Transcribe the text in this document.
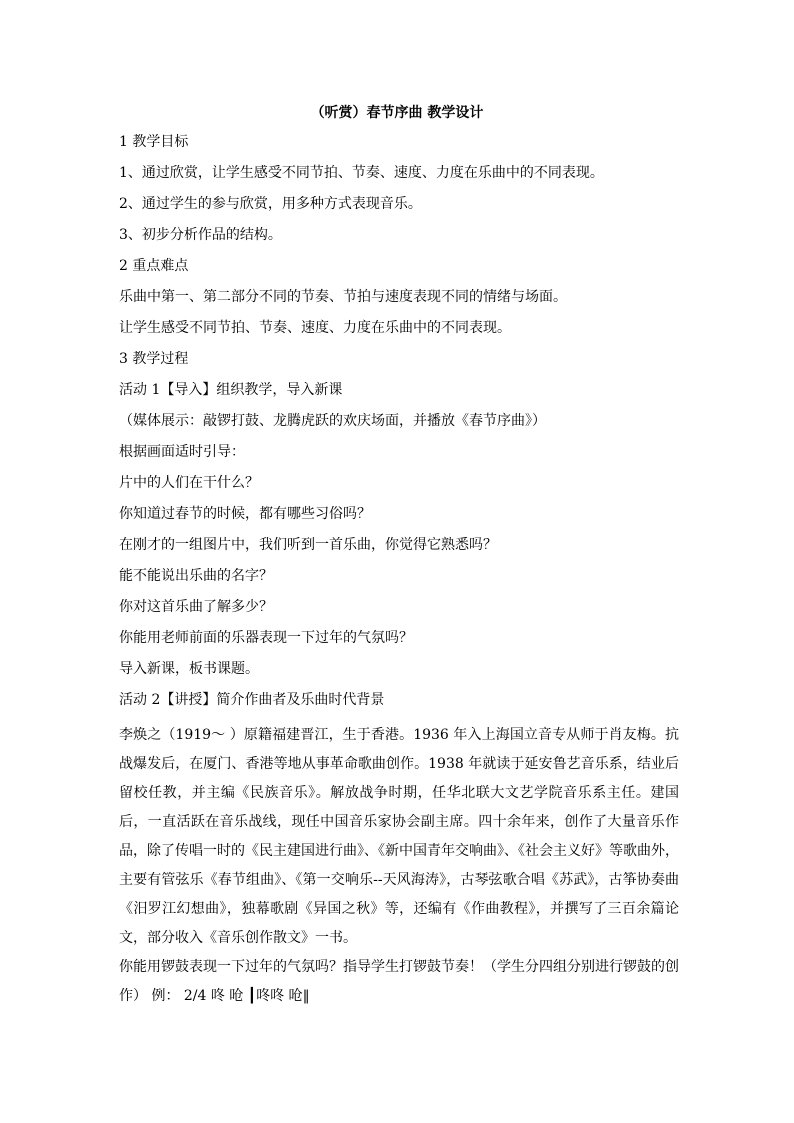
（听赏）春节序曲 教学设计

1 教学目标

1、通过欣赏，让学生感受不同节拍、节奏、速度、力度在乐曲中的不同表现。

2、通过学生的参与欣赏，用多种方式表现音乐。

3、初步分析作品的结构。

2 重点难点

乐曲中第一、第二部分不同的节奏、节拍与速度表现不同的情绪与场面。

让学生感受不同节拍、节奏、速度、力度在乐曲中的不同表现。

3 教学过程

活动 1【导入】组织教学，导入新课

（媒体展示：敲锣打鼓、龙腾虎跃的欢庆场面，并播放《春节序曲》）

根据画面适时引导：

片中的人们在干什么？

你知道过春节的时候，都有哪些习俗吗？

在刚才的一组图片中，我们听到一首乐曲，你觉得它熟悉吗？

能不能说出乐曲的名字？

你对这首乐曲了解多少？

你能用老师前面的乐器表现一下过年的气氛吗？

导入新课，板书课题。

活动 2【讲授】简介作曲者及乐曲时代背景

李焕之（1919～ ）原籍福建晋江，生于香港。1936 年入上海国立音专从师于肖友梅。抗战爆发后，在厦门、香港等地从事革命歌曲创作。1938 年就读于延安鲁艺音乐系，结业后留校任教，并主编《民族音乐》。解放战争时期，任华北联大文艺学院音乐系主任。建国后，一直活跃在音乐战线，现任中国音乐家协会副主席。四十余年来，创作了大量音乐作品，除了传唱一时的《民主建国进行曲》、《新中国青年交响曲》、《社会主义好》等歌曲外，主要有管弦乐《春节组曲》、《第一交响乐--天风海涛》，古琴弦歌合唱《苏武》，古筝协奏曲《汨罗江幻想曲》，独幕歌剧《异国之秋》等，还编有《作曲教程》，并撰写了三百余篇论文，部分收入《音乐创作散文》一书。

你能用锣鼓表现一下过年的气氛吗？指导学生打锣鼓节奏！（学生分四组分别进行锣鼓的创作） 例： 2/4 咚 呛 ┃咚咚 呛‖
